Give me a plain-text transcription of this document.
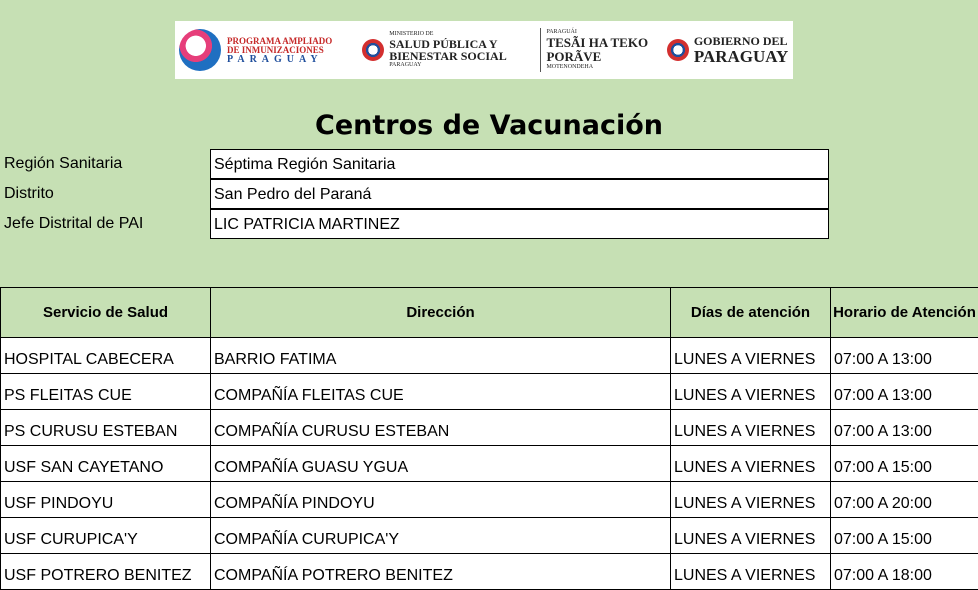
PROGRAMA AMPLIADO
DE INMUNIZACIONES
PARAGUAY
MINISTERIO DE
SALUD PÚBLICA Y
BIENESTAR SOCIAL
PARAGUAY
PARAGUÁI
TESÃI HA TEKO
PORÃVE
MOTENONDEHA
GOBIERNO DEL
PARAGUAY
Centros de Vacunación
Región Sanitaria	Séptima Región Sanitaria
Distrito	San Pedro del Paraná
Jefe Distrital de PAI	LIC PATRICIA MARTINEZ
Servicio de Salud	Dirección	Días de atención	Horario de Atención
HOSPITAL CABECERA	BARRIO FATIMA	LUNES A VIERNES	07:00 A 13:00
PS FLEITAS CUE	COMPAÑÍA FLEITAS CUE	LUNES A VIERNES	07:00 A 13:00
PS CURUSU ESTEBAN	COMPAÑÍA CURUSU ESTEBAN	LUNES A VIERNES	07:00 A 13:00
USF SAN CAYETANO	COMPAÑÍA GUASU YGUA	LUNES A VIERNES	07:00 A 15:00
USF PINDOYU	COMPAÑÍA PINDOYU	LUNES A VIERNES	07:00 A 20:00
USF CURUPICA'Y	COMPAÑÍA CURUPICA'Y	LUNES A VIERNES	07:00 A 15:00
USF POTRERO BENITEZ	COMPAÑÍA POTRERO BENITEZ	LUNES A VIERNES	07:00 A 18:00
